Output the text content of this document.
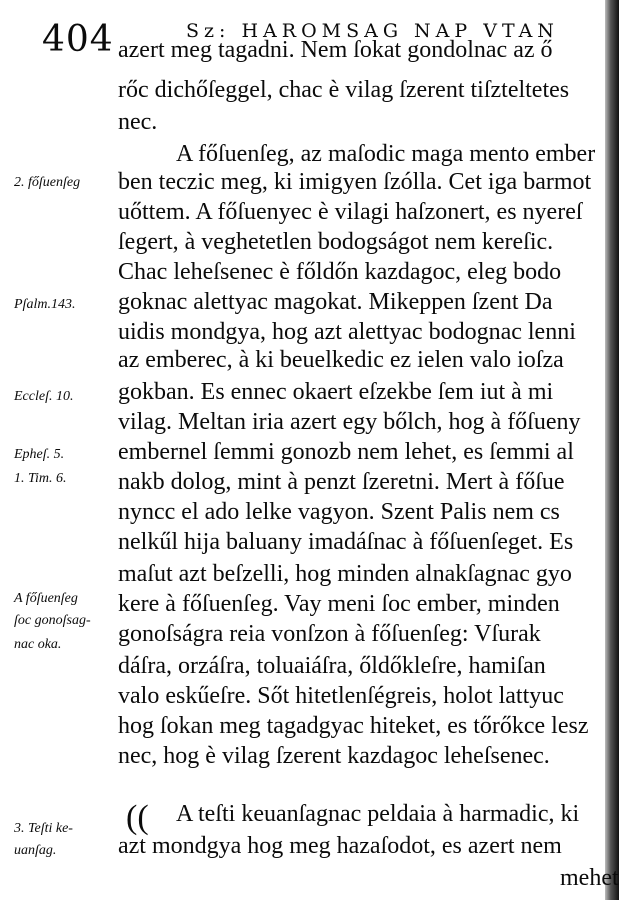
404	Sz: HAROMSAG NAP VTAN
azert meg tagadni. Nem ſokat gondolnac az ő
rőc dichőſeggel, chac è vilag ſzerent tiſzteltetes
nec.
A főſuenſeg, az maſodic maga mento ember
ben teczic meg, ki imigyen ſzólla. Cet iga barmot
uőttem. A főſuenyec è vilagi haſzonert, es nyereſ
ſegert, à veghetetlen bodogságot nem kereſic.
Chac leheſsenec è főldőn kazdagoc, eleg bodo
goknac alettyac magokat. Mikeppen ſzent Da
uidis mondgya, hog azt alettyac bodognac lenni
az emberec, à ki beuelkedic ez ielen valo ioſza
gokban. Es ennec okaert eſzekbe ſem iut à mi
vilag. Meltan iria azert egy bőlch, hog à főſueny
embernel ſemmi gonozb nem lehet, es ſemmi al
nakb dolog, mint à penzt ſzeretni. Mert à főſue
nyncc el ado lelke vagyon. Szent Palis nem cs
nelkűl hija baluany imadáſnac à főſuenſeget. Es
maſut azt beſzelli, hog minden alnakſagnac gyo
kere à főſuenſeg. Vay meni ſoc ember, minden
gonoſságra reia vonſzon à főſuenſeg: Vſurak
dáſra, orzáſra, toluaiáſra, őldőkleſre, hamiſan
valo eskűeſre. Sőt hitetlenſégreis, holot lattyuc
hog ſokan meg tagadgyac hiteket, es tőrőkce lesz
nec, hog è vilag ſzerent kazdagoc leheſsenec.
A teſti keuanſagnac peldaia à harmadic, ki
azt mondgya hog meg hazaſodot, es azert nem
mehet
((
2. főſuenſeg
Pſalm.143.
Eccleſ. 10.
Epheſ. 5.
1. Tim. 6.
A főſuenſeg
ſoc gonoſsag-
nac oka.
3. Teſti ke-
uanſag.
